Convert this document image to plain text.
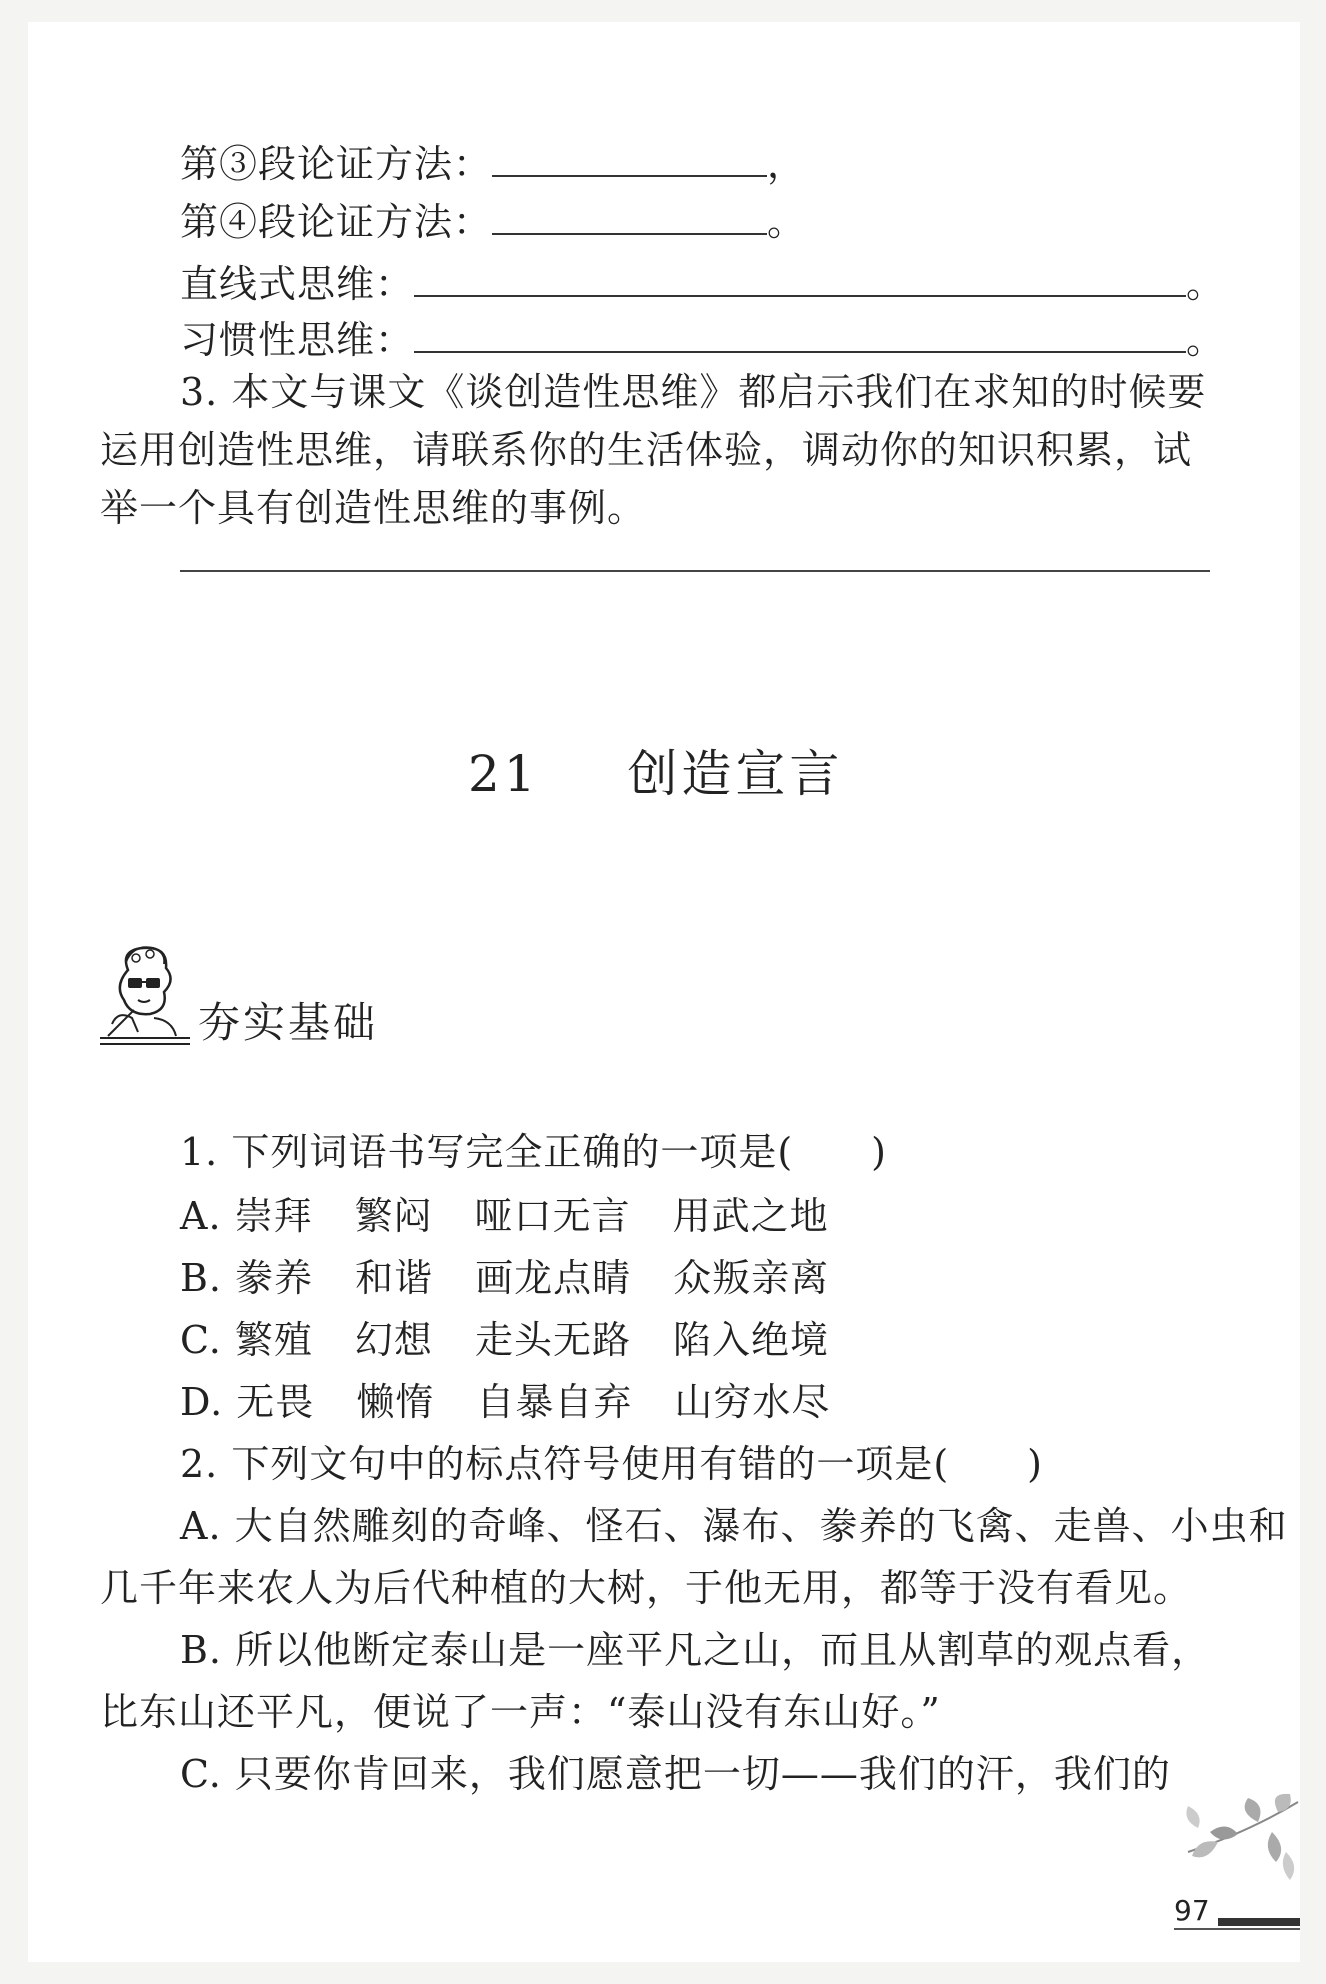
第③段论证方法：	，
第④段论证方法：	。
直线式思维：	。
习惯性思维：	。
3. 本文与课文《谈创造性思维》都启示我们在求知的时候要
运用创造性思维，请联系你的生活体验，调动你的知识积累，试
举一个具有创造性思维的事例。
21 创造宣言
夯实基础
1. 下列词语书写完全正确的一项是(　　)
A. 崇拜 繁闷 哑口无言 用武之地
B. 豢养 和谐 画龙点睛 众叛亲离
C. 繁殖 幻想 走头无路 陷入绝境
D. 无畏 懒惰 自暴自弃 山穷水尽
2. 下列文句中的标点符号使用有错的一项是(　　)
A. 大自然雕刻的奇峰、怪石、瀑布、豢养的飞禽、走兽、小虫和
几千年来农人为后代种植的大树，于他无用，都等于没有看见。
B. 所以他断定泰山是一座平凡之山，而且从割草的观点看，
比东山还平凡，便说了一声：“泰山没有东山好。”
C. 只要你肯回来，我们愿意把一切——我们的汗，我们的
97
